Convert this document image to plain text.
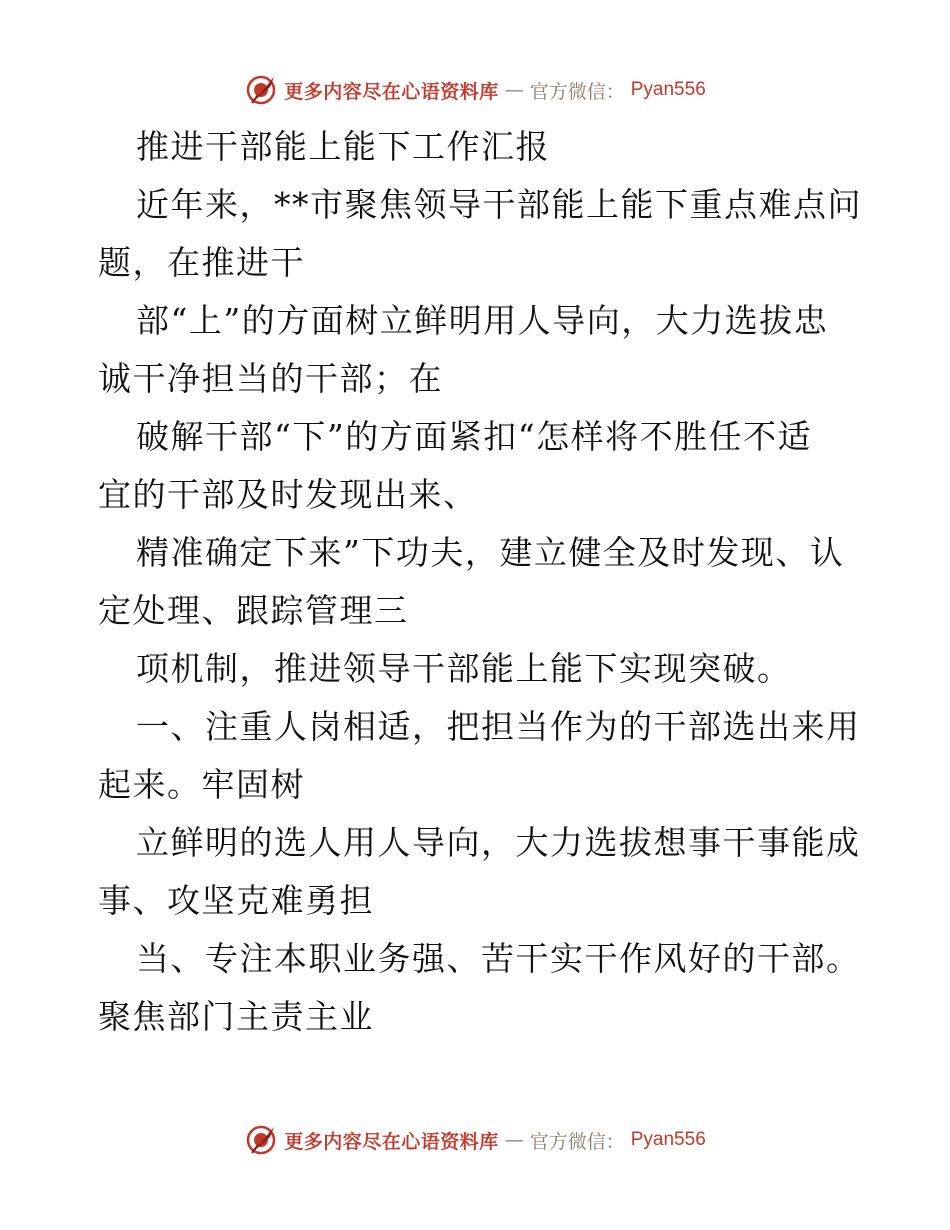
更多内容尽在心语资料库 — 官方微信： Pyan556
推进干部能上能下工作汇报
近年来，**市聚焦领导干部能上能下重点难点问
题，在推进干
部“上”的方面树立鲜明用人导向，大力选拔忠
诚干净担当的干部；在
破解干部“下”的方面紧扣“怎样将不胜任不适
宜的干部及时发现出来、
精准确定下来”下功夫，建立健全及时发现、认
定处理、跟踪管理三
项机制，推进领导干部能上能下实现突破。
一、注重人岗相适，把担当作为的干部选出来用
起来。牢固树
立鲜明的选人用人导向，大力选拔想事干事能成
事、攻坚克难勇担
当、专注本职业务强、苦干实干作风好的干部。
聚焦部门主责主业
更多内容尽在心语资料库 — 官方微信： Pyan556
